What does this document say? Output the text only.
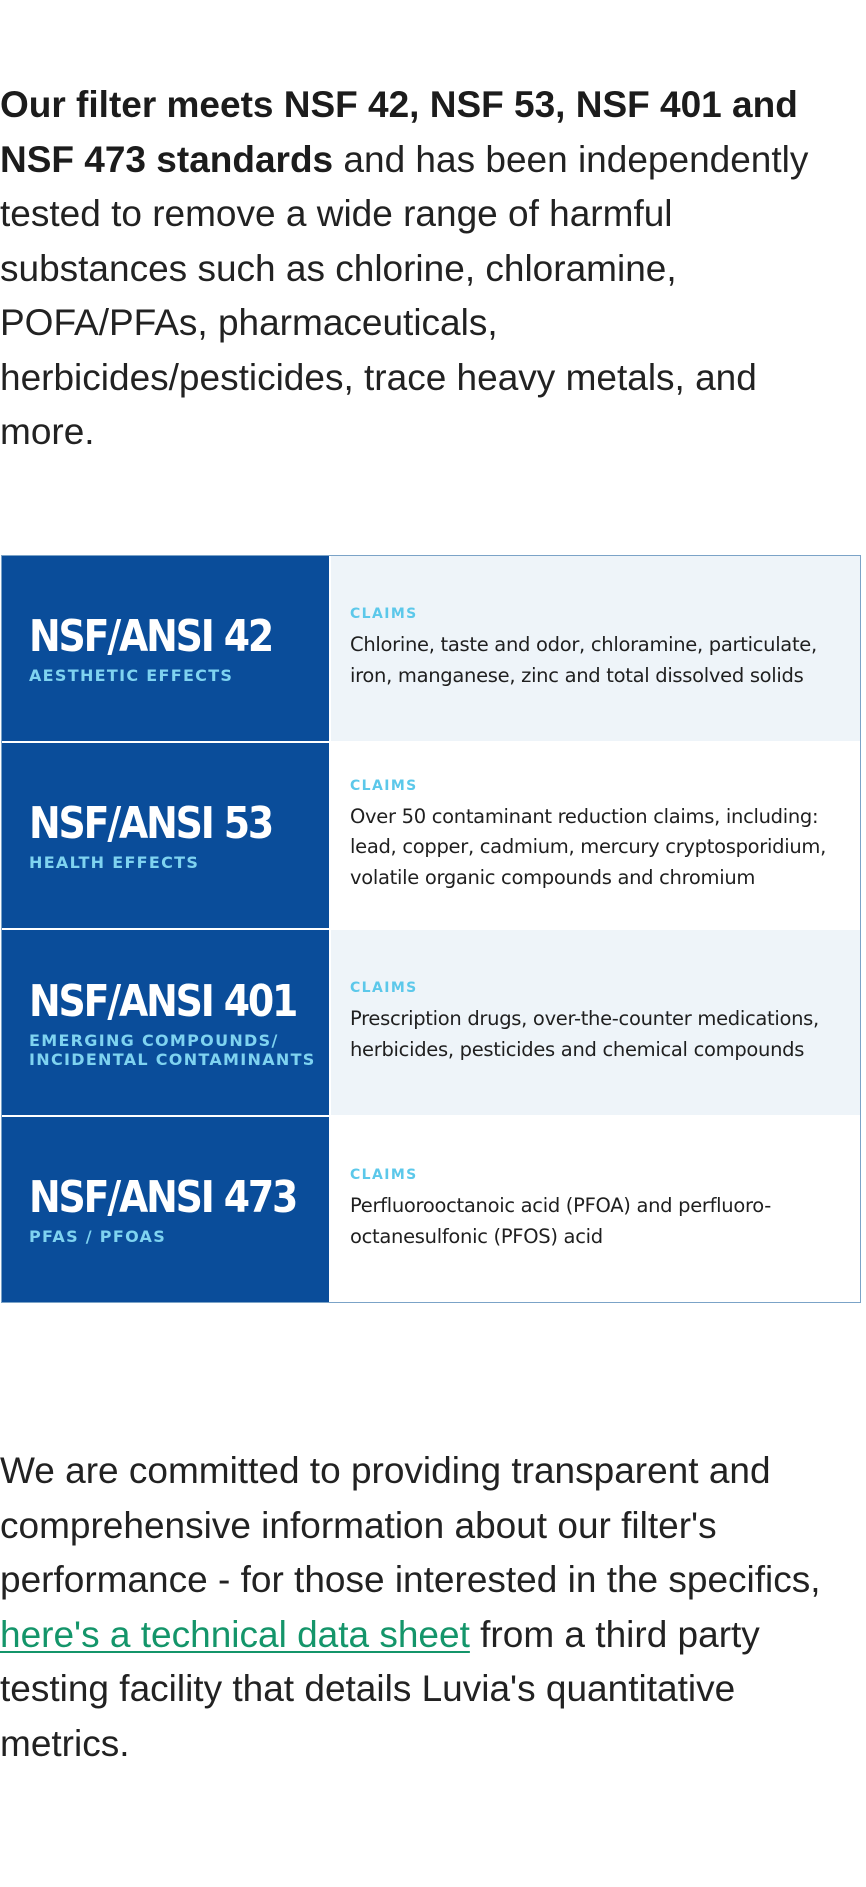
Our filter meets NSF 42, NSF 53, NSF 401 and NSF 473 standards and has been independently tested to remove a wide range of harmful substances such as chlorine, chloramine, POFA/PFAs, pharmaceuticals, herbicides/pesticides, trace heavy metals, and more.

NSF/ANSI 42
AESTHETIC EFFECTS
CLAIMS
Chlorine, taste and odor, chloramine, particulate, iron, manganese, zinc and total dissolved solids
NSF/ANSI 53
HEALTH EFFECTS
CLAIMS
Over 50 contaminant reduction claims, including: lead, copper, cadmium, mercury cryptosporidium, volatile organic compounds and chromium
NSF/ANSI 401
EMERGING COMPOUNDS/
INCIDENTAL CONTAMINANTS
CLAIMS
Prescription drugs, over-the-counter medications, herbicides, pesticides and chemical compounds
NSF/ANSI 473
PFAS / PFOAS
CLAIMS
Perfluorooctanoic acid (PFOA) and perfluoro-
octanesulfonic (PFOS) acid

We are committed to providing transparent and comprehensive information about our filter's performance - for those interested in the specifics, here's a technical data sheet from a third party testing facility that details Luvia's quantitative metrics.
